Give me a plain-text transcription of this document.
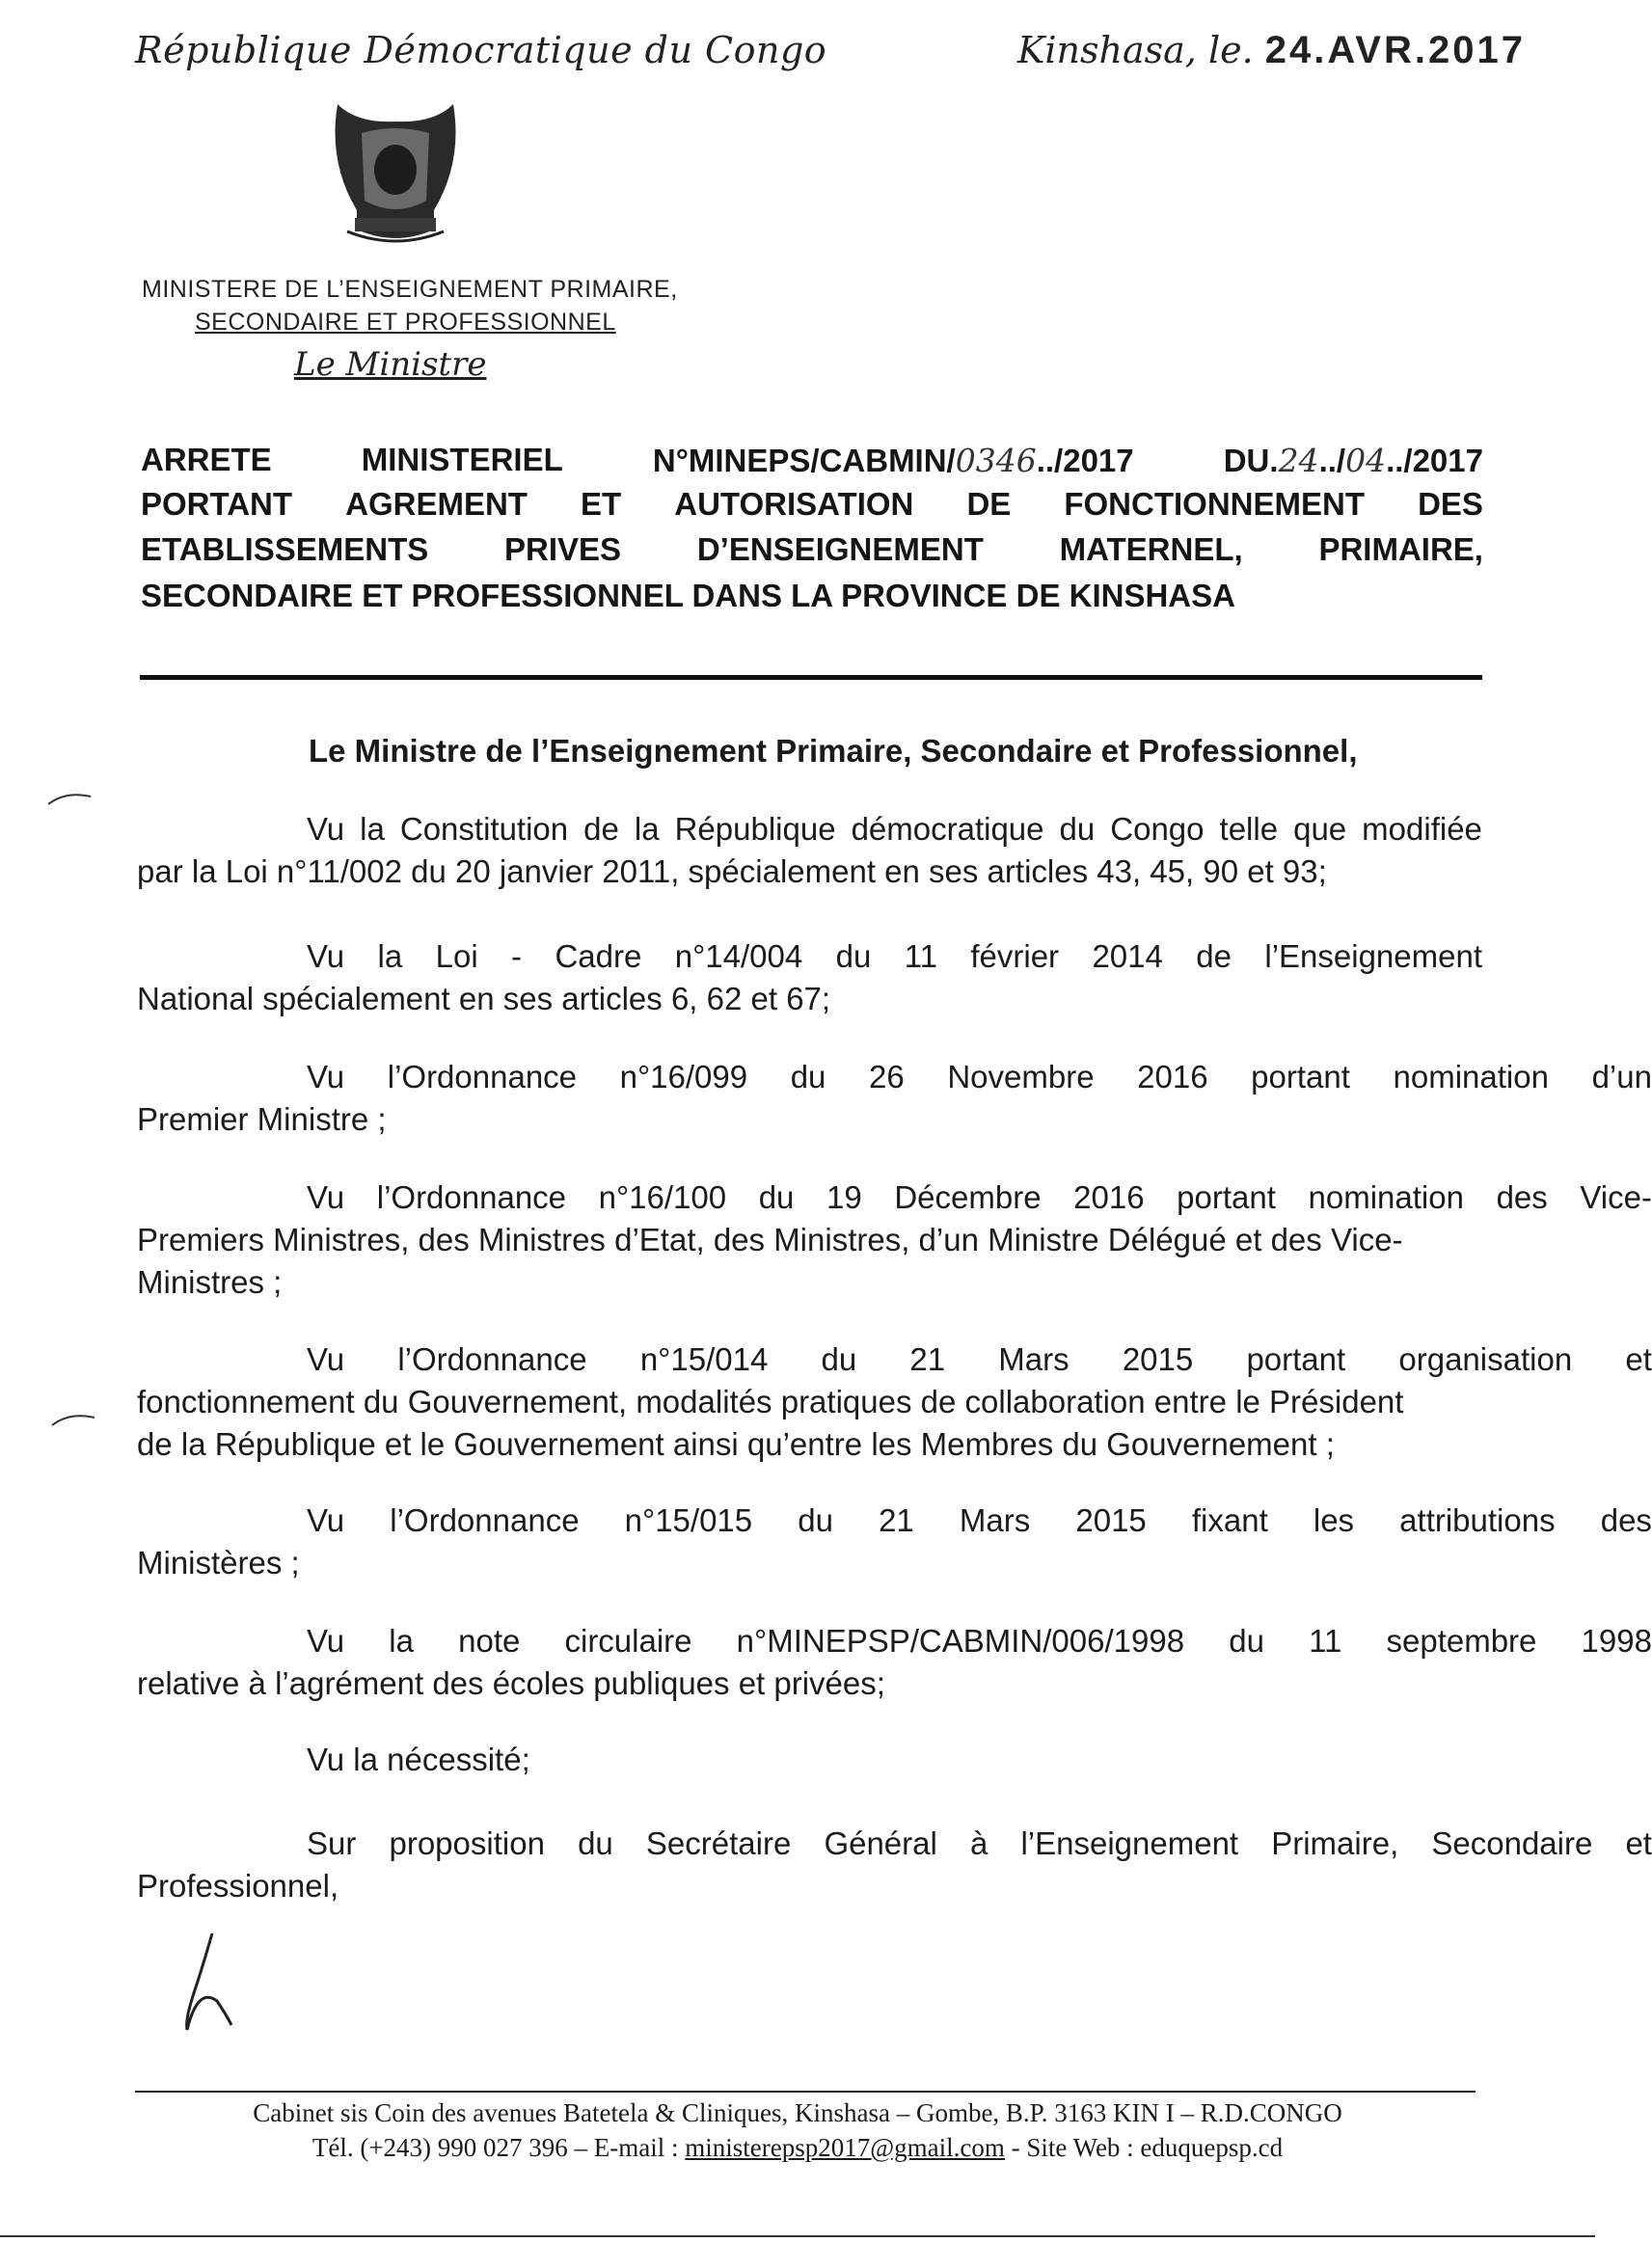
République Démocratique du Congo	Kinshasa, le. 24.AVR.2017
MINISTERE DE L’ENSEIGNEMENT PRIMAIRE,
SECONDAIRE ET PROFESSIONNEL
Le Ministre
ARRETE	MINISTERIEL	N°MINEPS/CABMIN/0346../2017	DU.24../04../2017
PORTANT AGREMENT ET AUTORISATION DE FONCTIONNEMENT DES
ETABLISSEMENTS PRIVES D’ENSEIGNEMENT MATERNEL, PRIMAIRE,
SECONDAIRE ET PROFESSIONNEL DANS LA PROVINCE DE KINSHASA
Le Ministre de l’Enseignement Primaire, Secondaire et Professionnel,
Vu la Constitution de la République démocratique du Congo telle que modifiée
par la Loi n°11/002 du 20 janvier 2011, spécialement en ses articles 43, 45, 90 et 93;
Vu la Loi - Cadre n°14/004 du 11 février 2014 de l’Enseignement
National spécialement en ses articles 6, 62 et 67;
Vu l’Ordonnance n°16/099 du 26 Novembre 2016 portant nomination d’un
Premier Ministre ;
Vu l’Ordonnance n°16/100 du 19 Décembre 2016 portant nomination des Vice-
Premiers Ministres, des Ministres d’Etat, des Ministres, d’un Ministre Délégué et des Vice-
Ministres ;
Vu l’Ordonnance n°15/014 du 21 Mars 2015 portant organisation et
fonctionnement du Gouvernement, modalités pratiques de collaboration entre le Président
de la République et le Gouvernement ainsi qu’entre les Membres du Gouvernement ;
Vu l’Ordonnance n°15/015 du 21 Mars 2015 fixant les attributions des
Ministères ;
Vu la note circulaire n°MINEPSP/CABMIN/006/1998 du 11 septembre 1998
relative à l’agrément des écoles publiques et privées;
Vu la nécessité;
Sur proposition du Secrétaire Général à l’Enseignement Primaire, Secondaire et
Professionnel,
Cabinet sis Coin des avenues Batetela & Cliniques, Kinshasa – Gombe, B.P. 3163 KIN I – R.D.CONGO
Tél. (+243) 990 027 396 – E-mail : ministerepsp2017@gmail.com - Site Web : eduquepsp.cd
